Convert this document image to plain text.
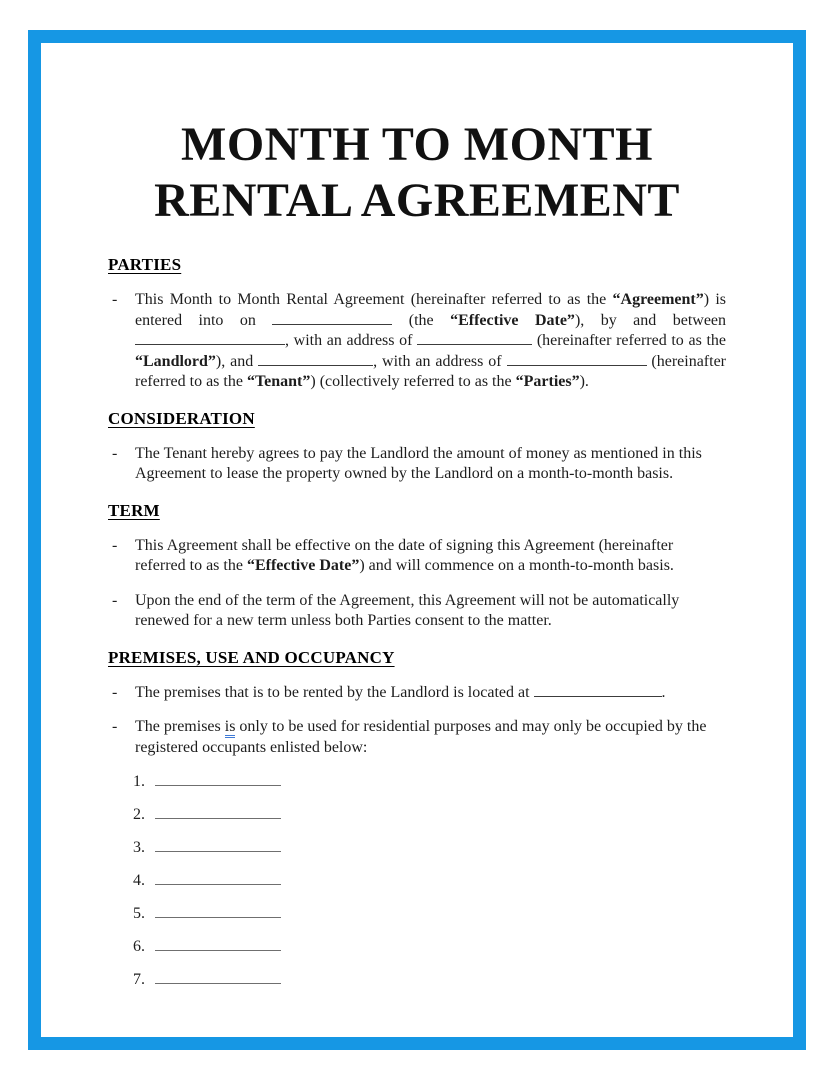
MONTH TO MONTH
RENTAL AGREEMENT
PARTIES
- This Month to Month Rental Agreement (hereinafter referred to as the “Agreement”) is entered into on	(the “Effective Date”), by and between , with an address of	(hereinafter referred to as the “Landlord”), and	, with an address of	(hereinafter referred to as the “Tenant”) (collectively referred to as the “Parties”).
CONSIDERATION
- The Tenant hereby agrees to pay the Landlord the amount of money as mentioned in this Agreement to lease the property owned by the Landlord on a month-to-month basis.
TERM
- This Agreement shall be effective on the date of signing this Agreement (hereinafter referred to as the “Effective Date”) and will commence on a month-to-month basis.
- Upon the end of the term of the Agreement, this Agreement will not be automatically renewed for a new term unless both Parties consent to the matter.
PREMISES, USE AND OCCUPANCY
- The premises that is to be rented by the Landlord is located at	.
- The premises is only to be used for residential purposes and may only be occupied by the registered occupants enlisted below:
1.
2.
3.
4.
5.
6.
7.
